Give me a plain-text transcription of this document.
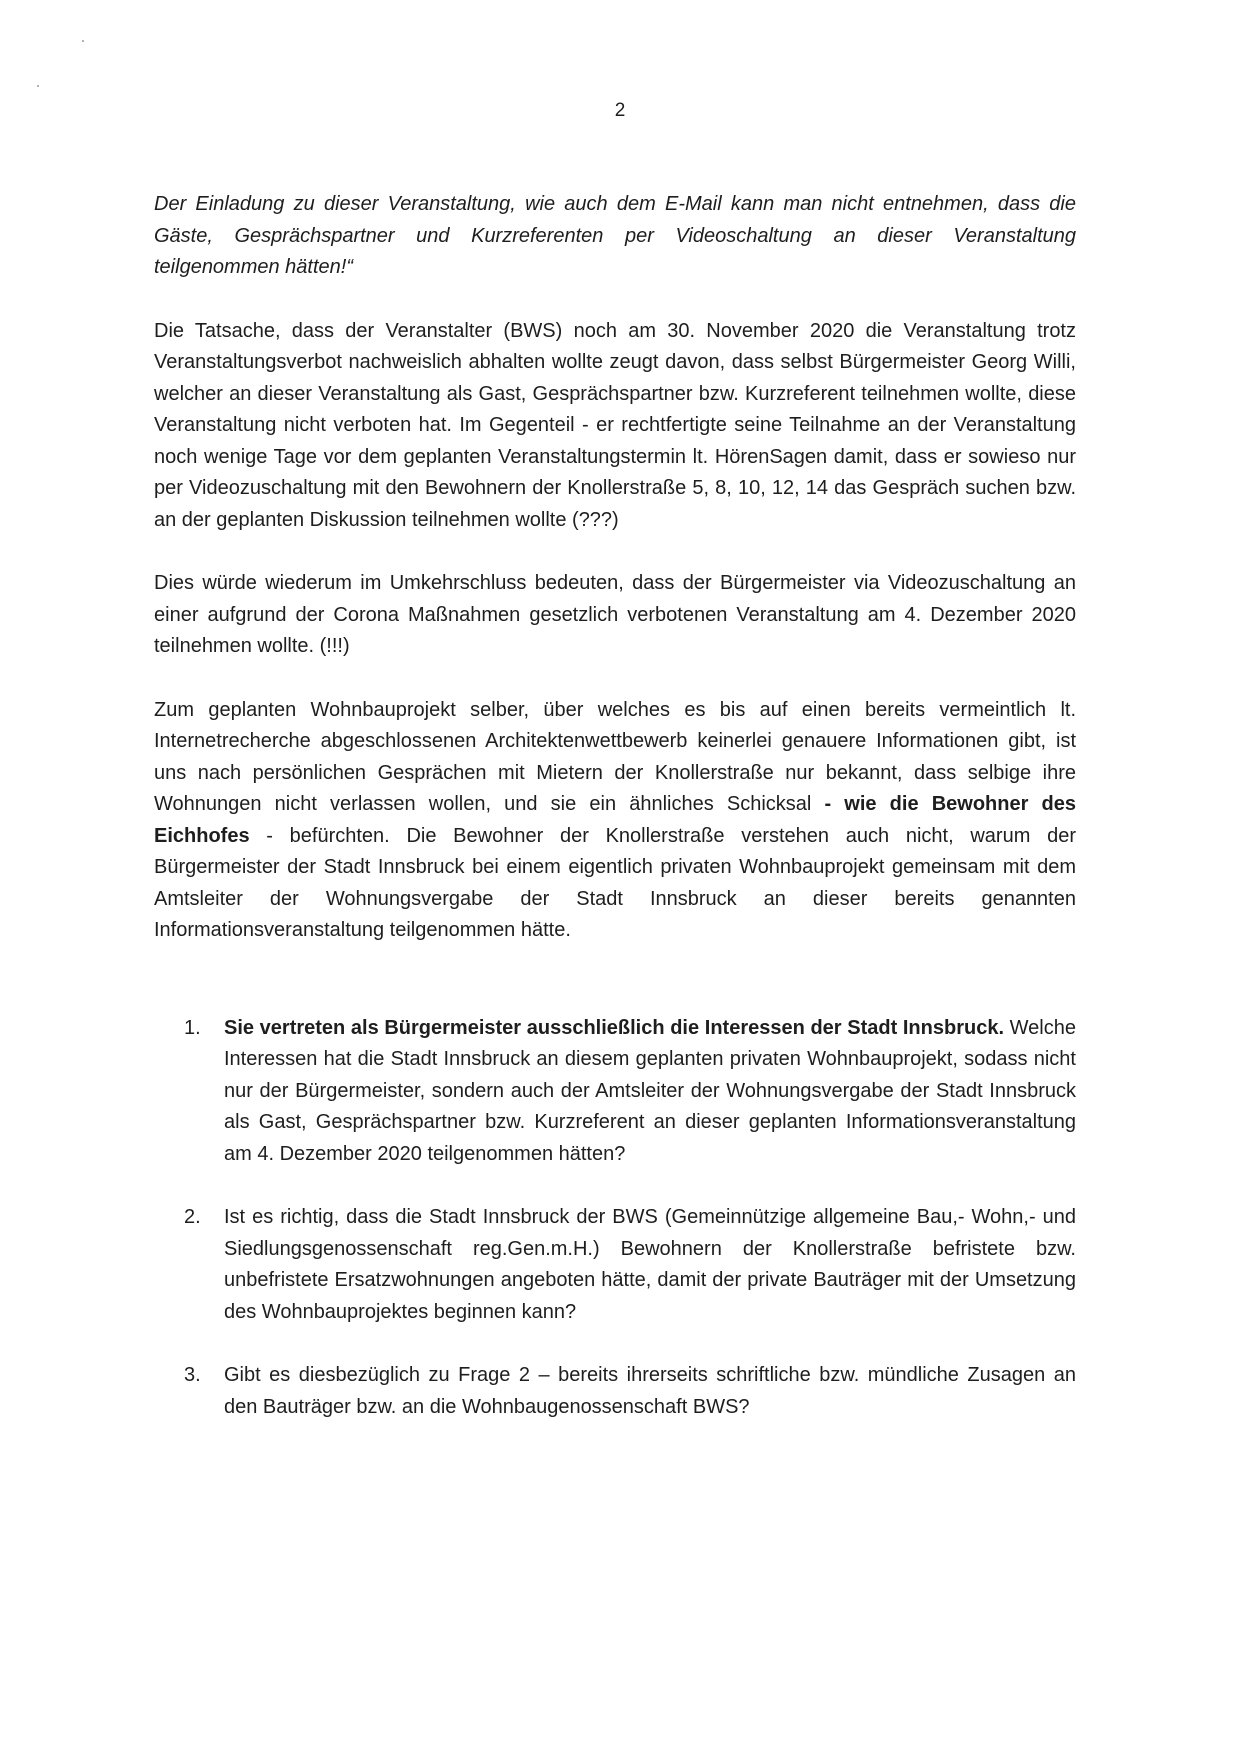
2

Der Einladung zu dieser Veranstaltung, wie auch dem E-Mail kann man nicht entnehmen, dass die Gäste, Gesprächspartner und Kurzreferenten per Videoschaltung an dieser Veranstaltung teilgenommen hätten!“

Die Tatsache, dass der Veranstalter (BWS) noch am 30. November 2020 die Veranstaltung trotz Veranstaltungsverbot nachweislich abhalten wollte zeugt davon, dass selbst Bürgermeister Georg Willi, welcher an dieser Veranstaltung als Gast, Gesprächspartner bzw. Kurzreferent teilnehmen wollte, diese Veranstaltung nicht verboten hat. Im Gegenteil - er rechtfertigte seine Teilnahme an der Veranstaltung noch wenige Tage vor dem geplanten Veranstaltungstermin lt. HörenSagen damit, dass er sowieso nur per Videozuschaltung mit den Bewohnern der Knollerstraße 5, 8, 10, 12, 14 das Gespräch suchen bzw. an der geplanten Diskussion teilnehmen wollte (???)

Dies würde wiederum im Umkehrschluss bedeuten, dass der Bürgermeister via Videozuschaltung an einer aufgrund der Corona Maßnahmen gesetzlich verbotenen Veranstaltung am 4. Dezember 2020 teilnehmen wollte. (!!!)

Zum geplanten Wohnbauprojekt selber, über welches es bis auf einen bereits vermeintlich lt. Internetrecherche abgeschlossenen Architektenwettbewerb keinerlei genauere Informationen gibt, ist uns nach persönlichen Gesprächen mit Mietern der Knollerstraße nur bekannt, dass selbige ihre Wohnungen nicht verlassen wollen, und sie ein ähnliches Schicksal - wie die Bewohner des Eichhofes - befürchten. Die Bewohner der Knollerstraße verstehen auch nicht, warum der Bürgermeister der Stadt Innsbruck bei einem eigentlich privaten Wohnbauprojekt gemeinsam mit dem Amtsleiter der Wohnungsvergabe der Stadt Innsbruck an dieser bereits genannten Informationsveranstaltung teilgenommen hätte.

1. Sie vertreten als Bürgermeister ausschließlich die Interessen der Stadt Innsbruck. Welche Interessen hat die Stadt Innsbruck an diesem geplanten privaten Wohnbauprojekt, sodass nicht nur der Bürgermeister, sondern auch der Amtsleiter der Wohnungsvergabe der Stadt Innsbruck als Gast, Gesprächspartner bzw. Kurzreferent an dieser geplanten Informationsveranstaltung am 4. Dezember 2020 teilgenommen hätten?
2. Ist es richtig, dass die Stadt Innsbruck der BWS (Gemeinnützige allgemeine Bau,- Wohn,- und Siedlungsgenossenschaft reg.Gen.m.H.) Bewohnern der Knollerstraße befristete bzw. unbefristete Ersatzwohnungen angeboten hätte, damit der private Bauträger mit der Umsetzung des Wohnbauprojektes beginnen kann?
3. Gibt es diesbezüglich zu Frage 2 – bereits ihrerseits schriftliche bzw. mündliche Zusagen an den Bauträger bzw. an die Wohnbaugenossenschaft BWS?
